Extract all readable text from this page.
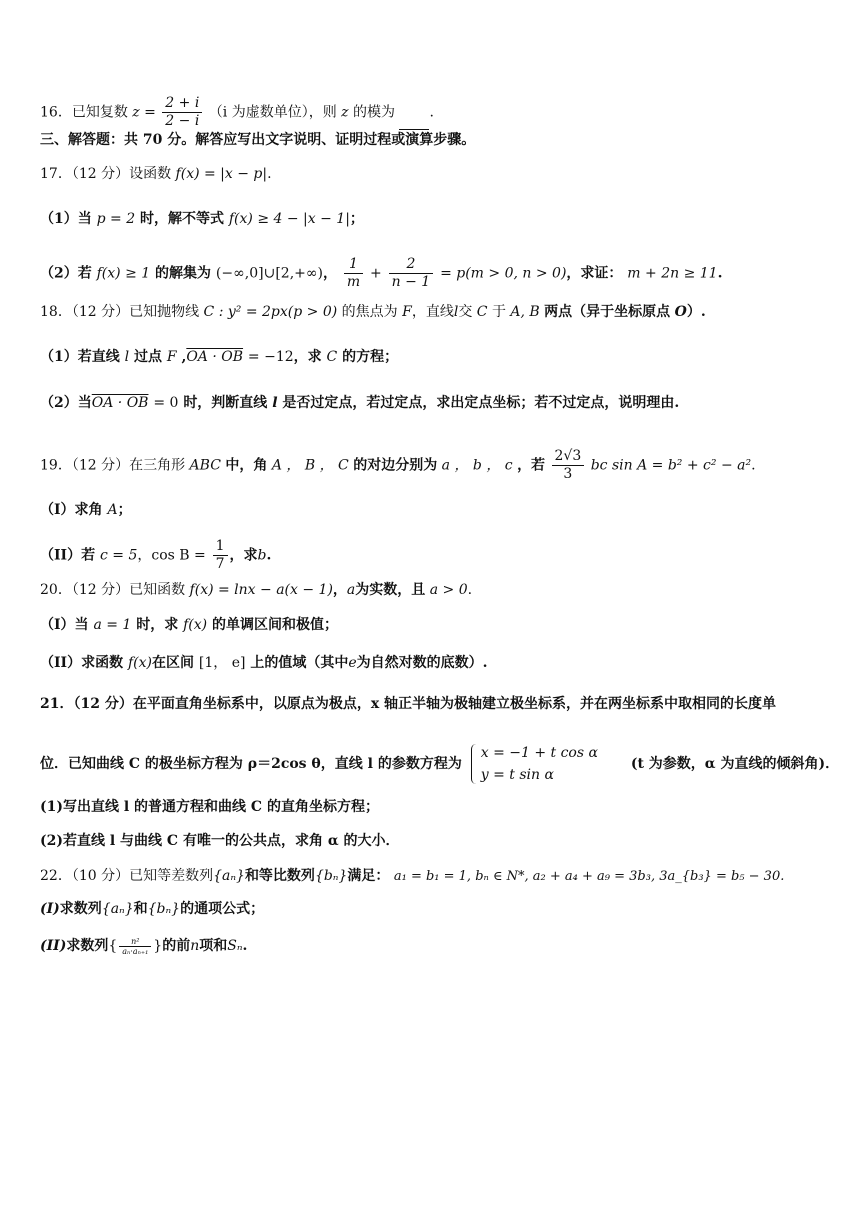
16．已知复数 $z = \frac{2 + i}{2 - i} (i$ 为虚数单位），则 z 的模为 .
三、解答题：共 70 分。解答应写出文字说明、证明过程或演算步骤。
17．（12 分）设函数 f(x) = |x − p|.
（1）当 p = 2 时，解不等式 f(x) ≥ 4 − |x − 1|；
（2）若 f(x) ≥ 1 的解集为 (−∞,0]∪[2,+∞)， $\frac{1}{m} + \frac{2}{n - 1} = p(m > 0$, n > 0)，求证： m + 2n ≥ 11.
18．（12 分）已知抛物线 C : y² = 2px(p > 0) 的焦点为 F，直线l交 C 于 A, B 两点（异于坐标原点 O）.
（1）若直线 l 过点 F ,OA · OB = −12，求 C 的方程；
（2）当OA · OB = 0 时，判断直线 l 是否过定点，若过定点，求出定点坐标；若不过定点，说明理由.
19．（12 分）在三角形 ABC 中，角 A ， B ， C 的对边分别为 a ， b ， c ，若 $\frac{2√3}{3}$ bc sin A = b² + c² − a².
（I）求角 A；
（II）若 c = 5，$\cos B = \frac{1}{7}$ ，求b.
20．（12 分）已知函数 f(x) = lnx − a(x − 1)，a为实数，且 a > 0.
（I）当 a = 1 时，求 f(x) 的单调区间和极值；
（II）求函数 f(x)在区间 [1， e] 上的值域（其中e为自然对数的底数）.
21．（12 分）在平面直角坐标系中，以原点为极点，x 轴正半轴为极轴建立极坐标系，并在两坐标系中取相同的长度单
位．已知曲线 C 的极坐标方程为 ρ＝2cos θ，直线 l 的参数方程为
x = −1 + t cos α
y = t sin α
(t 为参数，α 为直线的倾斜角)．
(1)写出直线 l 的普通方程和曲线 C 的直角坐标方程；
(2)若直线 l 与曲线 C 有唯一的公共点，求角 α 的大小．
22．（10 分）已知等差数列{aₙ}和等比数列{bₙ}满足： a₁ = b₁ = 1, bₙ ∈ N*, a₂ + a₄ + a₉ = 3b₃, 3a_{b₃} = b₅ − 30.
(I)求数列{aₙ}和{bₙ}的通项公式；
(II)求数列{ $\frac{\text{n²}}{\text{aₙ·aₙ₊₁}}$ }的前n项和Sₙ.
